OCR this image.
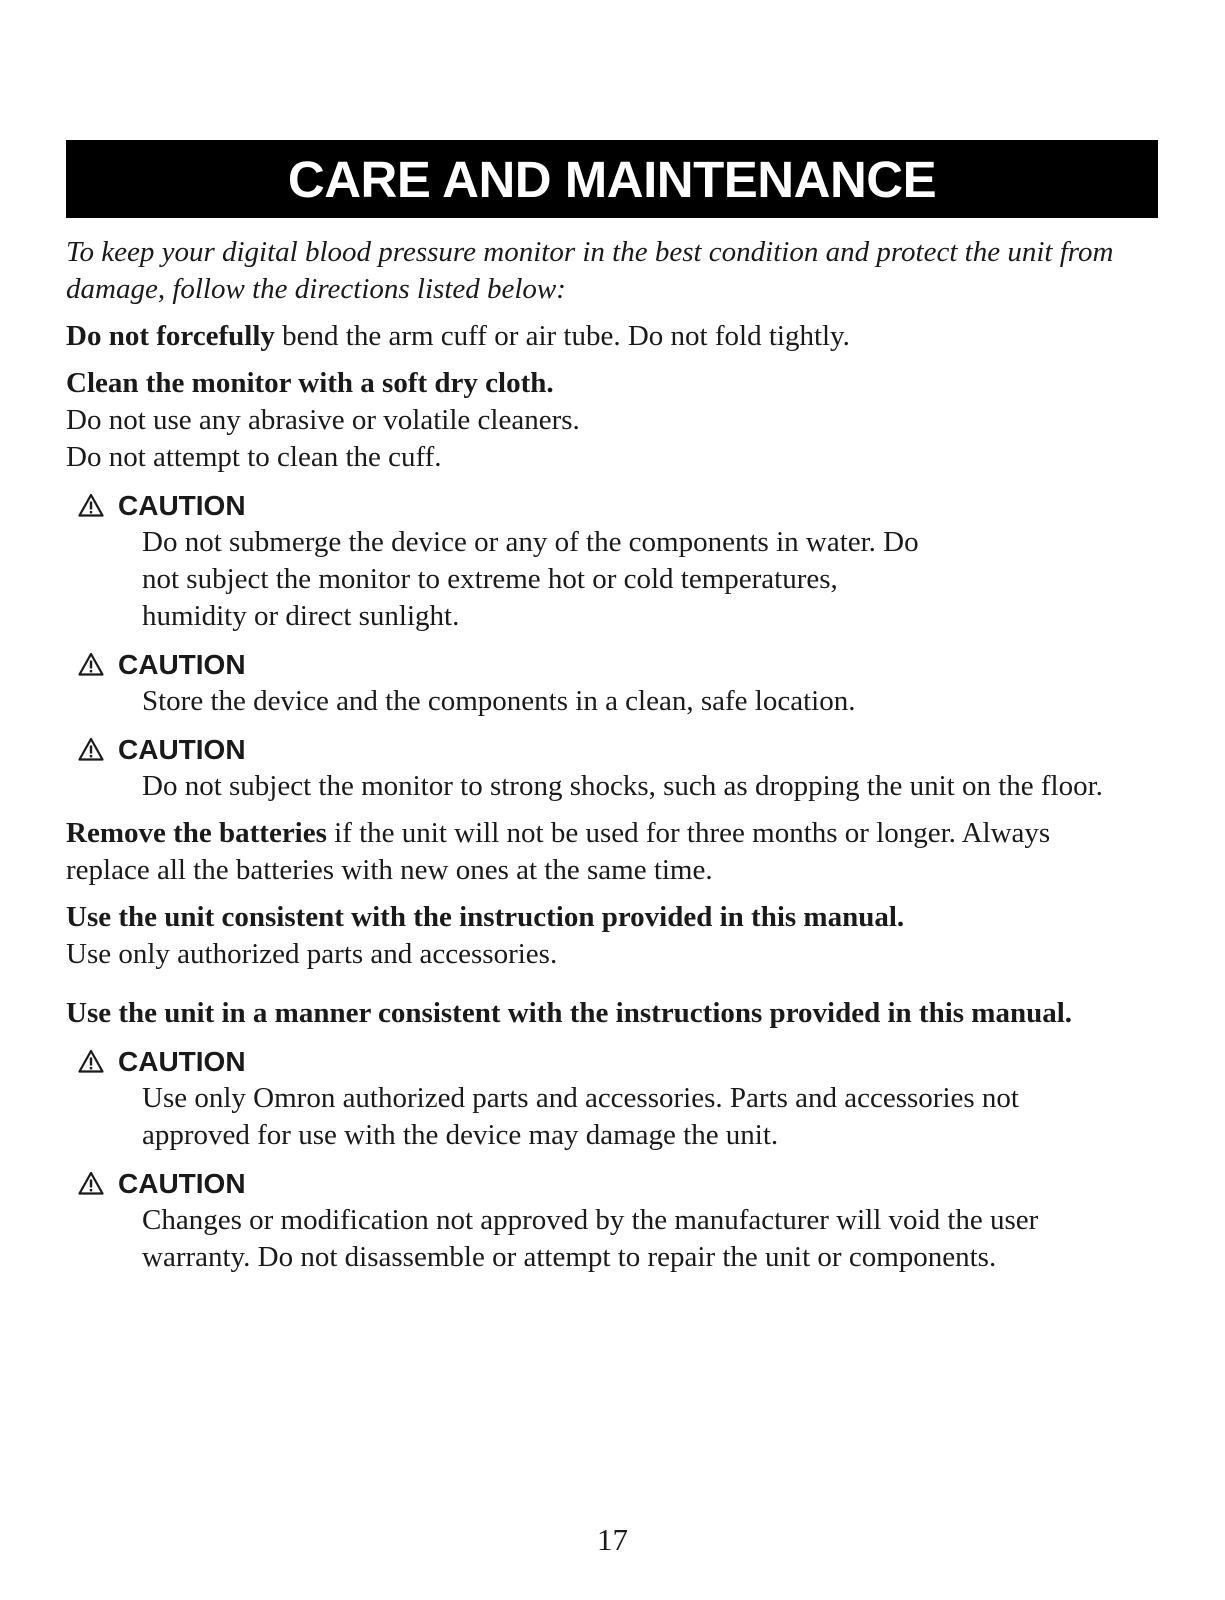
CARE AND MAINTENANCE

To keep your digital blood pressure monitor in the best condition and protect the unit from damage, follow the directions listed below:

Do not forcefully bend the arm cuff or air tube. Do not fold tightly.

Clean the monitor with a soft dry cloth.
Do not use any abrasive or volatile cleaners.
Do not attempt to clean the cuff.

CAUTION
Do not submerge the device or any of the components in water. Do
not subject the monitor to extreme hot or cold temperatures,
humidity or direct sunlight.
CAUTION
Store the device and the components in a clean, safe location.
CAUTION
Do not subject the monitor to strong shocks, such as dropping the unit on the floor.

Remove the batteries if the unit will not be used for three months or longer. Always
replace all the batteries with new ones at the same time.

Use the unit consistent with the instruction provided in this manual.
Use only authorized parts and accessories.

Use the unit in a manner consistent with the instructions provided in this manual.

CAUTION
Use only Omron authorized parts and accessories. Parts and accessories not
approved for use with the device may damage the unit.
CAUTION
Changes or modification not approved by the manufacturer will void the user
warranty. Do not disassemble or attempt to repair the unit or components.
17
